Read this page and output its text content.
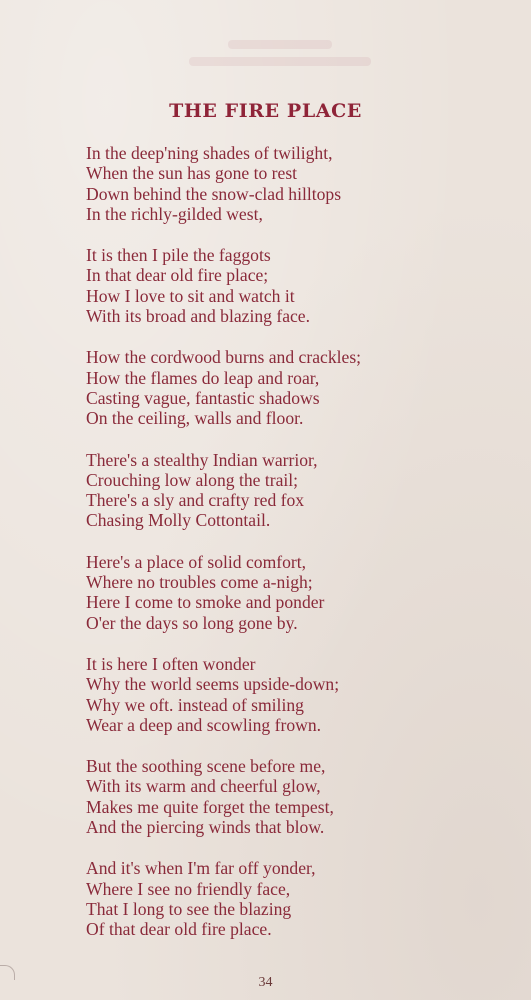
THE FIRE PLACE
In the deep'ning shades of twilight,
When the sun has gone to rest
Down behind the snow-clad hilltops
In the richly-gilded west,
It is then I pile the faggots
In that dear old fire place;
How I love to sit and watch it
With its broad and blazing face.
How the cordwood burns and crackles;
How the flames do leap and roar,
Casting vague, fantastic shadows
On the ceiling, walls and floor.
There's a stealthy Indian warrior,
Crouching low along the trail;
There's a sly and crafty red fox
Chasing Molly Cottontail.
Here's a place of solid comfort,
Where no troubles come a-nigh;
Here I come to smoke and ponder
O'er the days so long gone by.
It is here I often wonder
Why the world seems upside-down;
Why we oft. instead of smiling
Wear a deep and scowling frown.
But the soothing scene before me,
With its warm and cheerful glow,
Makes me quite forget the tempest,
And the piercing winds that blow.
And it's when I'm far off yonder,
Where I see no friendly face,
That I long to see the blazing
Of that dear old fire place.
34
